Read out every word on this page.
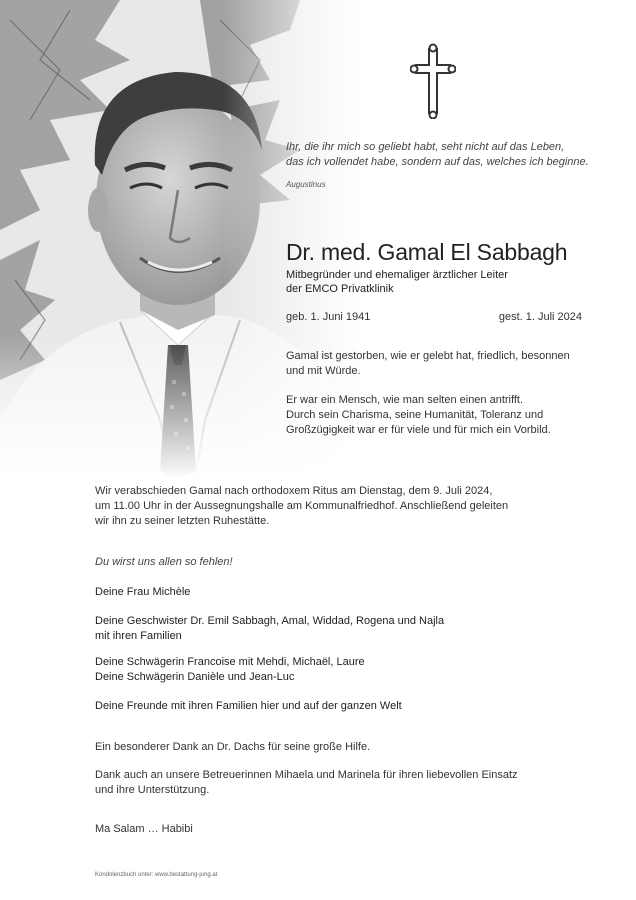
Ihr, die ihr mich so geliebt habt, seht nicht auf das Leben,
das ich vollendet habe, sondern auf das, welches ich beginne.
Augustinus
Dr. med. Gamal El Sabbagh
Mitbegründer und ehemaliger ärztlicher Leiter
der EMCO Privatklinik
geb. 1. Juni 1941	gest. 1. Juli 2024
Gamal ist gestorben, wie er gelebt hat, friedlich, besonnen
und mit Würde.
Er war ein Mensch, wie man selten einen antrifft.
Durch sein Charisma, seine Humanität, Toleranz und
Großzügigkeit war er für viele und für mich ein Vorbild.
Wir verabschieden Gamal nach orthodoxem Ritus am Dienstag, dem 9. Juli 2024,
um 11.00 Uhr in der Aussegnungshalle am Kommunalfriedhof. Anschließend geleiten
wir ihn zu seiner letzten Ruhestätte.
Du wirst uns allen so fehlen!
Deine Frau Michèle
Deine Geschwister Dr. Emil Sabbagh, Amal, Widdad, Rogena und Najla
mit ihren Familien
Deine Schwägerin Francoise mit Mehdi, Michaël, Laure
Deine Schwägerin Danièle und Jean-Luc
Deine Freunde mit ihren Familien hier und auf der ganzen Welt
Ein besonderer Dank an Dr. Dachs für seine große Hilfe.
Dank auch an unsere Betreuerinnen Mihaela und Marinela für ihren liebevollen Einsatz
und ihre Unterstützung.
Ma Salam … Habibi
Kondolenzbuch unter: www.bestattung-jung.at
